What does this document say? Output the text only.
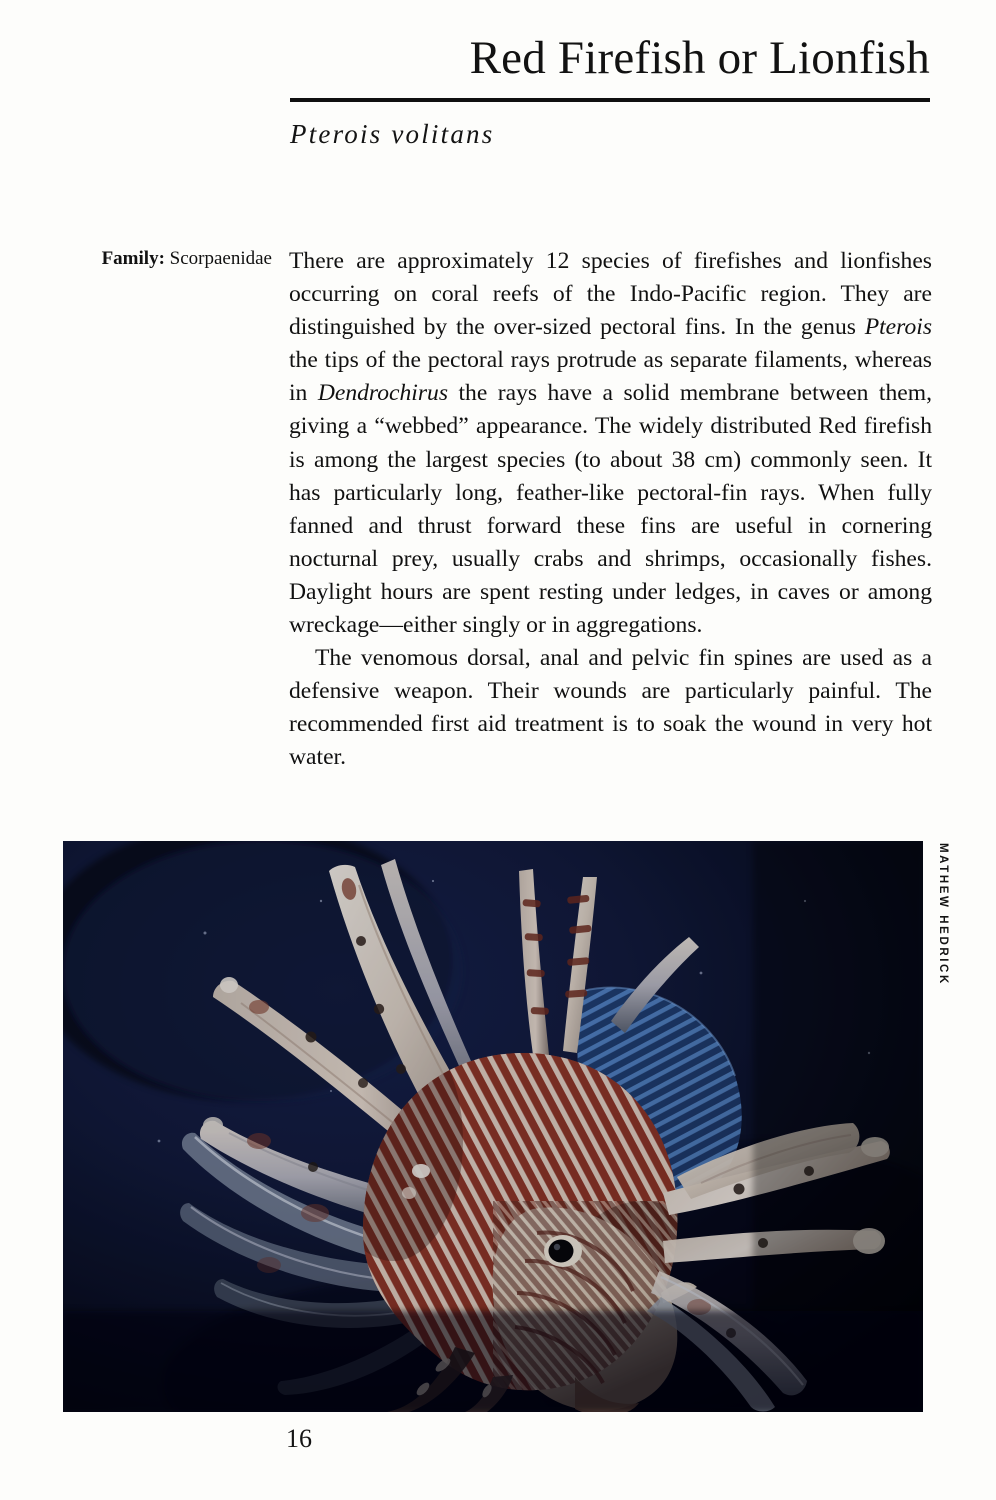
Red Firefish or Lionfish
Pterois volitans
Family: Scorpaenidae There are approximately 12 species of firefishes and lionfishes occurring on coral reefs of the Indo-Pacific region. They are distinguished by the over-sized pectoral fins. In the genus Pterois the tips of the pectoral rays protrude as separate filaments, whereas in Dendrochirus the rays have a solid membrane between them, giving a “webbed” appearance. The widely distributed Red firefish is among the largest species (to about 38 cm) commonly seen. It has particularly long, feather-like pectoral-fin rays. When fully fanned and thrust forward these fins are useful in cornering nocturnal prey, usually crabs and shrimps, occasionally fishes. Daylight hours are spent resting under ledges, in caves or among wreckage—either singly or in aggregations.

The venomous dorsal, anal and pelvic fin spines are used as a defensive weapon. Their wounds are particularly painful. The recommended first aid treatment is to soak the wound in very hot water.

MATHEW HEDRICK
16
